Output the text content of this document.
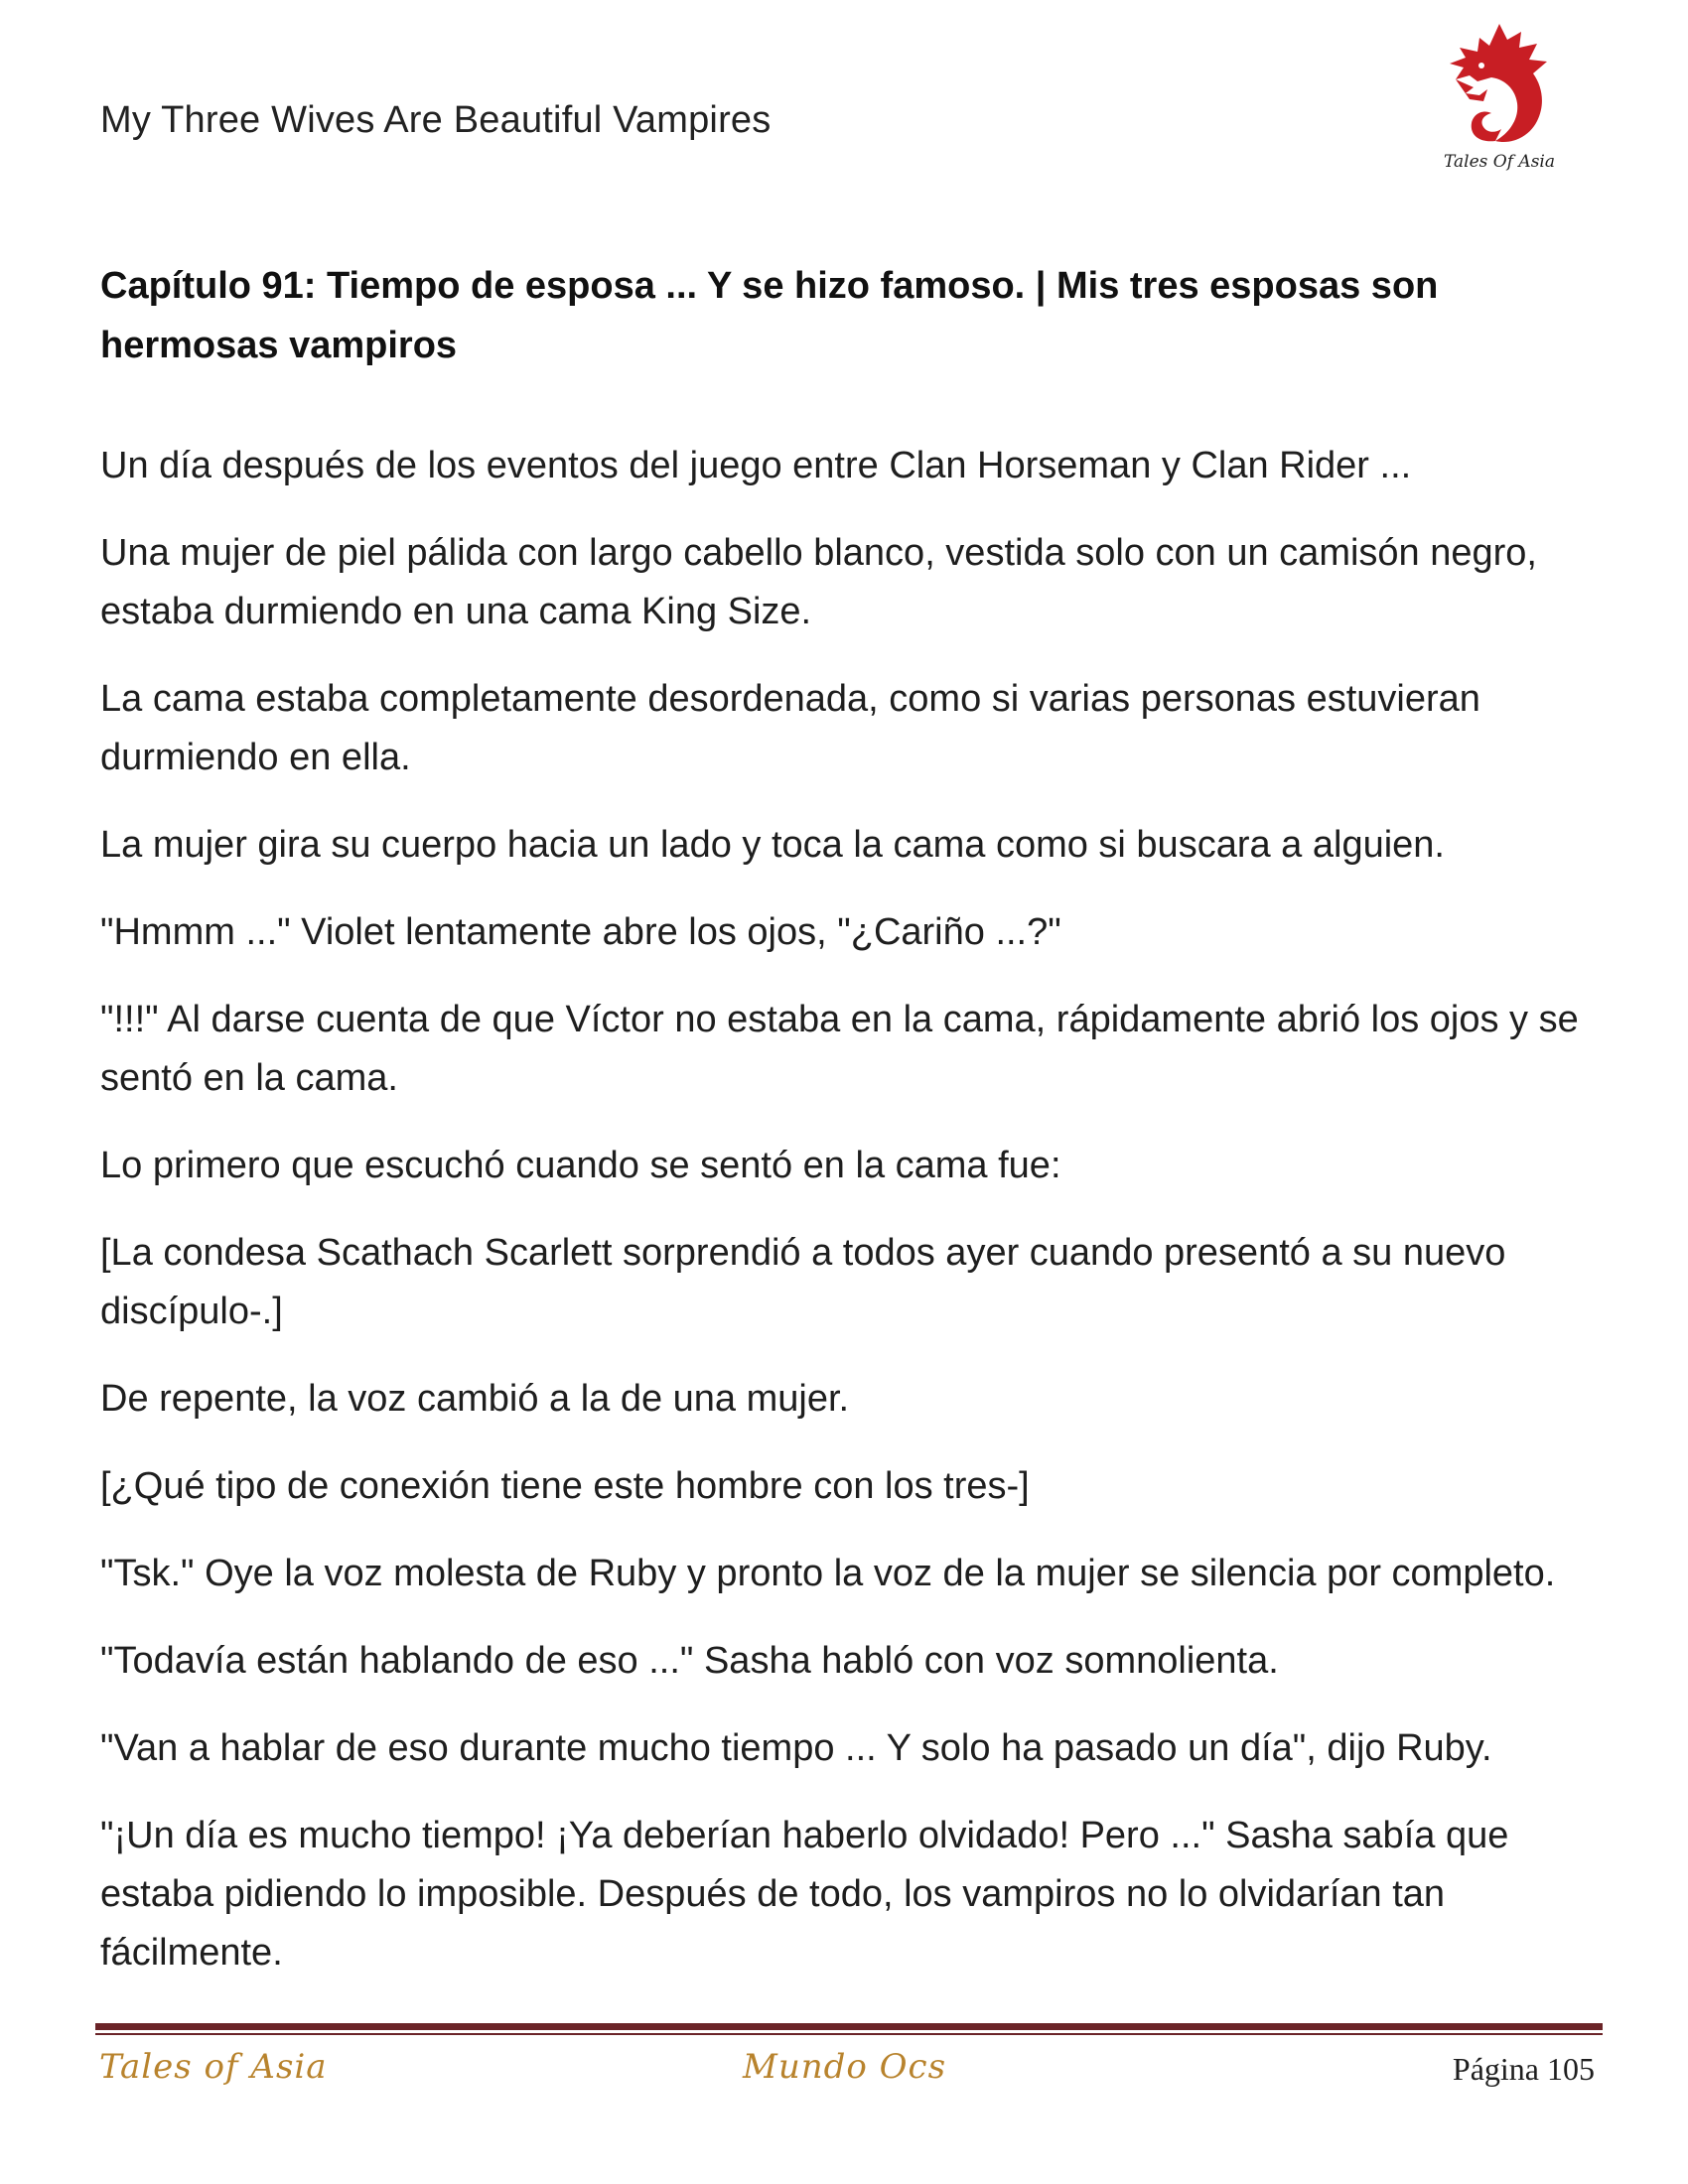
My Three Wives Are Beautiful Vampires
Tales Of Asia
Capítulo 91: Tiempo de esposa ... Y se hizo famoso. | Mis tres esposas son hermosas vampiros

Un día después de los eventos del juego entre Clan Horseman y Clan Rider ...

Una mujer de piel pálida con largo cabello blanco, vestida solo con un camisón negro, estaba durmiendo en una cama King Size.

La cama estaba completamente desordenada, como si varias personas estuvieran durmiendo en ella.

La mujer gira su cuerpo hacia un lado y toca la cama como si buscara a alguien.

"Hmmm ..." Violet lentamente abre los ojos, "¿Cariño ...?"

"!!!" Al darse cuenta de que Víctor no estaba en la cama, rápidamente abrió los ojos y se sentó en la cama.

Lo primero que escuchó cuando se sentó en la cama fue:

[La condesa Scathach Scarlett sorprendió a todos ayer cuando presentó a su nuevo discípulo-.]

De repente, la voz cambió a la de una mujer.

[¿Qué tipo de conexión tiene este hombre con los tres-]

"Tsk." Oye la voz molesta de Ruby y pronto la voz de la mujer se silencia por completo.

"Todavía están hablando de eso ..." Sasha habló con voz somnolienta.

"Van a hablar de eso durante mucho tiempo ... Y solo ha pasado un día", dijo Ruby.

"¡Un día es mucho tiempo! ¡Ya deberían haberlo olvidado! Pero ..." Sasha sabía que estaba pidiendo lo imposible. Después de todo, los vampiros no lo olvidarían tan fácilmente.

Tales of Asia	Mundo Ocs	Página 105
